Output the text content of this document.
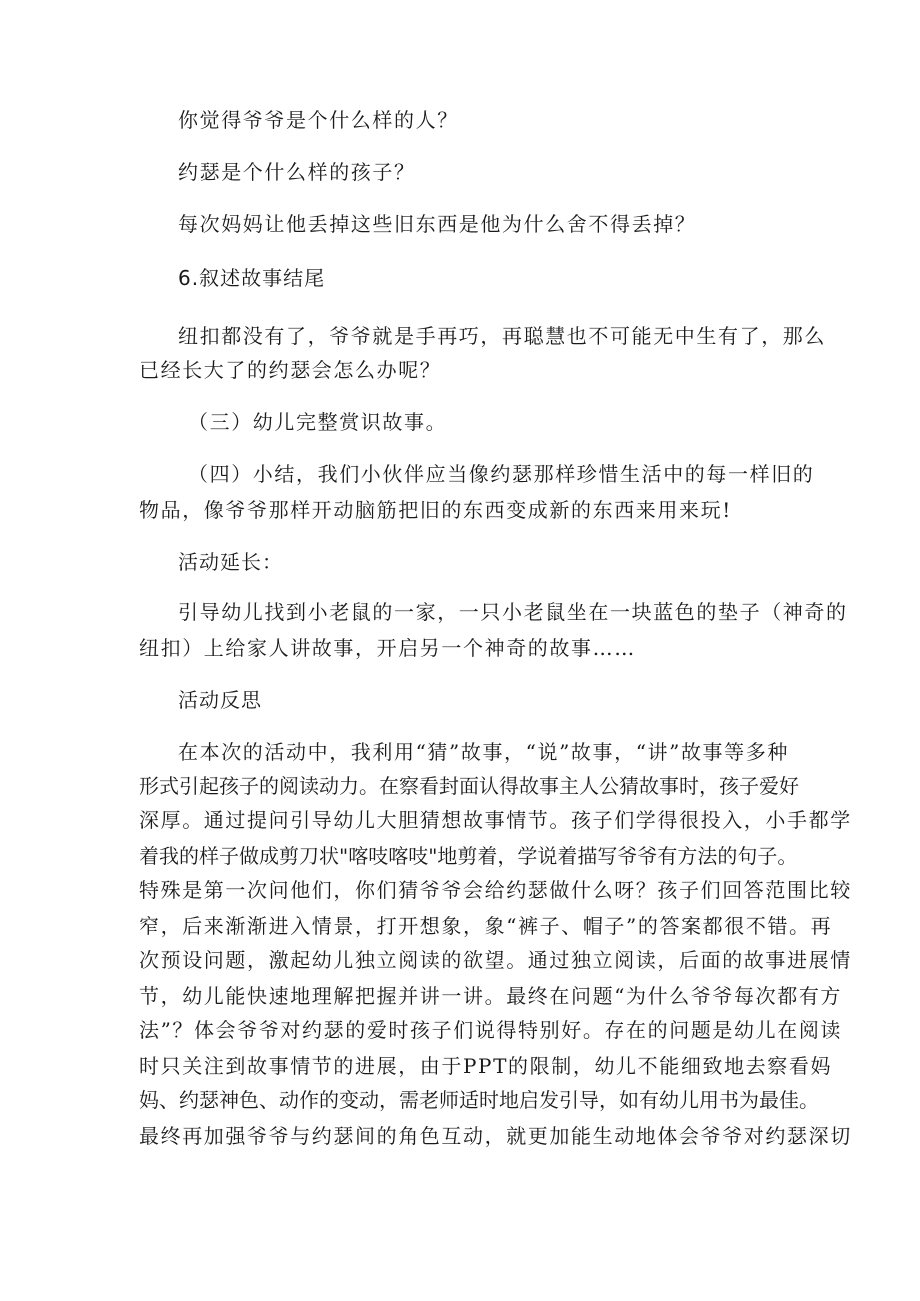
你觉得爷爷是个什么样的人？

约瑟是个什么样的孩子？

每次妈妈让他丢掉这些旧东西是他为什么舍不得丢掉？

6.叙述故事结尾

纽扣都没有了，爷爷就是手再巧，再聪慧也不可能无中生有了，那么

已经长大了的约瑟会怎么办呢？

（三）幼儿完整赏识故事。

（四）小结，我们小伙伴应当像约瑟那样珍惜生活中的每一样旧的

物品，像爷爷那样开动脑筋把旧的东西变成新的东西来用来玩!

活动延长：

引导幼儿找到小老鼠的一家，一只小老鼠坐在一块蓝色的垫子（神奇的

纽扣）上给家人讲故事，开启另一个神奇的故事……

活动反思

在本次的活动中，我利用“猜”故事，“说”故事，“讲”故事等多种

形式引起孩子的阅读动力。在察看封面认得故事主人公猜故事时，孩子爱好

深厚。通过提问引导幼儿大胆猜想故事情节。孩子们学得很投入，小手都学

着我的样子做成剪刀状"喀吱喀吱"地剪着，学说着描写爷爷有方法的句子。

特殊是第一次问他们，你们猜爷爷会给约瑟做什么呀？孩子们回答范围比较

窄，后来渐渐进入情景，打开想象，象“裤子、帽子”的答案都很不错。再

次预设问题，激起幼儿独立阅读的欲望。通过独立阅读，后面的故事进展情

节，幼儿能快速地理解把握并讲一讲。最终在问题“为什么爷爷每次都有方

法”？体会爷爷对约瑟的爱时孩子们说得特别好。存在的问题是幼儿在阅读

时只关注到故事情节的进展，由于PPT的限制，幼儿不能细致地去察看妈

妈、约瑟神色、动作的变动，需老师适时地启发引导，如有幼儿用书为最佳。

最终再加强爷爷与约瑟间的角色互动，就更加能生动地体会爷爷对约瑟深切
